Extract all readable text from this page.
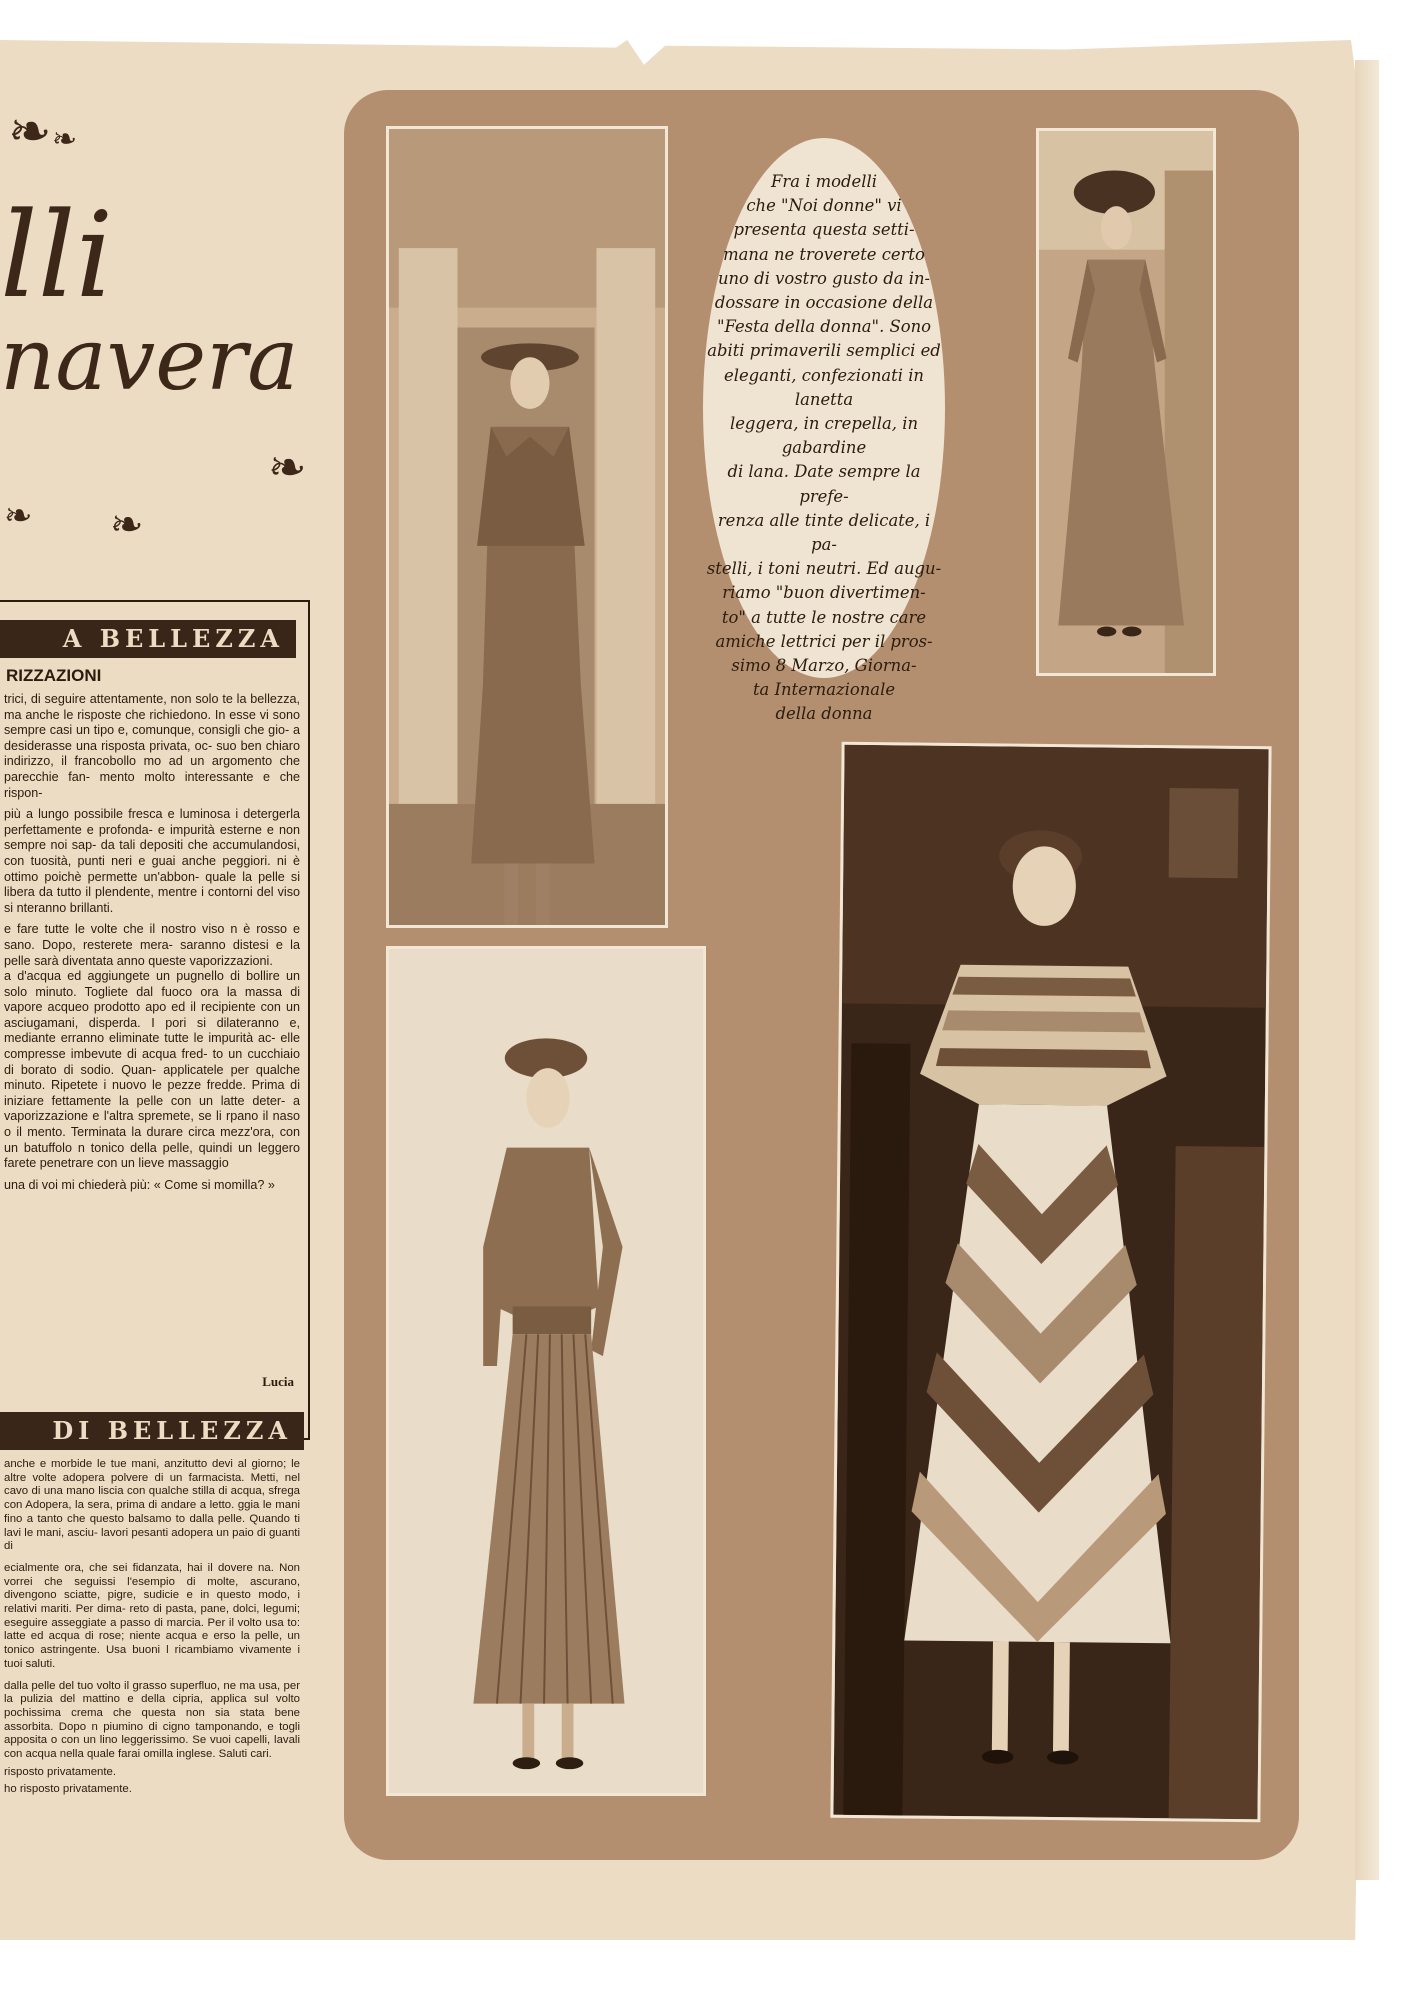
❧ ❧
lli
navera
❧
❧
❧
A BELLEZZA
RIZZAZIONI

trici, di seguire attentamente, non solo te la bellezza, ma anche le risposte che richiedono. In esse vi sono sempre casi un tipo e, comunque, consigli che gio- a desiderasse una risposta privata, oc- suo ben chiaro indirizzo, il francobollo mo ad un argomento che parecchie fan- mento molto interessante e che rispon-

più a lungo possibile fresca e luminosa i detergerla perfettamente e profonda- e impurità esterne e non sempre noi sap- da tali depositi che accumulandosi, con tuosità, punti neri e guai anche peggiori. ni è ottimo poichè permette un'abbon- quale la pelle si libera da tutto il plendente, mentre i contorni del viso si nteranno brillanti.

e fare tutte le volte che il nostro viso n è rosso e sano. Dopo, resterete mera- saranno distesi e la pelle sarà diventata anno queste vaporizzazioni.

a d'acqua ed aggiungete un pugnello di bollire un solo minuto. Togliete dal fuoco ora la massa di vapore acqueo prodotto apo ed il recipiente con un asciugamani, disperda. I pori si dilateranno e, mediante erranno eliminate tutte le impurità ac- elle compresse imbevute di acqua fred- to un cucchiaio di borato di sodio. Quan- applicatele per qualche minuto. Ripetete i nuovo le pezze fredde. Prima di iniziare fettamente la pelle con un latte deter- a vaporizzazione e l'altra spremete, se li rpano il naso o il mento. Terminata la durare circa mezz'ora, con un batuffolo n tonico della pelle, quindi un leggero farete penetrare con un lieve massaggio

una di voi mi chiederà più: « Come si momilla? »

Lucia
DI BELLEZZA

anche e morbide le tue mani, anzitutto devi al giorno; le altre volte adopera polvere di un farmacista. Metti, nel cavo di una mano liscia con qualche stilla di acqua, sfrega con Adopera, la sera, prima di andare a letto. ggia le mani fino a tanto che questo balsamo to dalla pelle. Quando ti lavi le mani, asciu- lavori pesanti adopera un paio di guanti di

ecialmente ora, che sei fidanzata, hai il dovere na. Non vorrei che seguissi l'esempio di molte, ascurano, divengono sciatte, pigre, sudicie e in questo modo, i relativi mariti. Per dima- reto di pasta, pane, dolci, legumi; eseguire asseggiate a passo di marcia. Per il volto usa to: latte ed acqua di rose; niente acqua e erso la pelle, un tonico astringente. Usa buoni l ricambiamo vivamente i tuoi saluti.

dalla pelle del tuo volto il grasso superfluo, ne ma usa, per la pulizia del mattino e della cipria, applica sul volto pochissima crema che questa non sia stata bene assorbita. Dopo n piumino di cigno tamponando, e togli apposita o con un lino leggerissimo. Se vuoi capelli, lavali con acqua nella quale farai omilla inglese. Saluti cari.

risposto privatamente.

ho risposto privatamente.

Fra i modelli
che "Noi donne" vi
presenta questa setti-
mana ne troverete certo
uno di vostro gusto da in-
dossare in occasione della
"Festa della donna". Sono
abiti primaverili semplici ed
eleganti, confezionati in lanetta
leggera, in crepella, in gabardine
di lana. Date sempre la prefe-
renza alle tinte delicate, i pa-
stelli, i toni neutri. Ed augu-
riamo "buon divertimen-
to" a tutte le nostre care
amiche lettrici per il pros-
simo 8 Marzo, Giorna-
ta Internazionale
della donna
